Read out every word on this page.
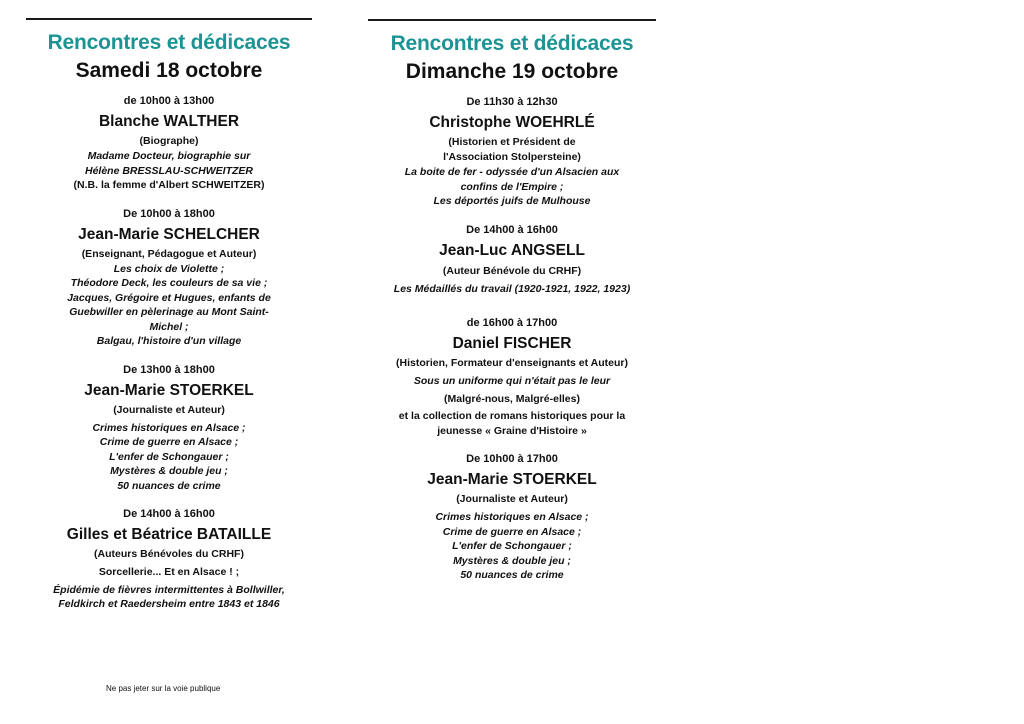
Rencontres et dédicaces
Samedi 18 octobre
de 10h00 à 13h00
Blanche WALTHER
(Biographe)
Madame Docteur, biographie sur
Hélène BRESSLAU-SCHWEITZER
(N.B. la femme d'Albert SCHWEITZER)
De 10h00 à 18h00
Jean-Marie SCHELCHER
(Enseignant, Pédagogue et Auteur)
Les choix de Violette ;
Théodore Deck, les couleurs de sa vie ;
Jacques, Grégoire et Hugues, enfants de
Guebwiller en pèlerinage au Mont Saint-
Michel ;
Balgau, l'histoire d'un village
De 13h00 à 18h00
Jean-Marie STOERKEL
(Journaliste et Auteur)
Crimes historiques en Alsace ;
Crime de guerre en Alsace ;
L'enfer de Schongauer ;
Mystères & double jeu ;
50 nuances de crime
De 14h00 à 16h00
Gilles et Béatrice BATAILLE
(Auteurs Bénévoles du CRHF)
Sorcellerie... Et en Alsace ! ;
Épidémie de fièvres intermittentes à Bollwiller,
Feldkirch et Raedersheim entre 1843 et 1846
Rencontres et dédicaces
Dimanche 19 octobre
De 11h30 à 12h30
Christophe WOEHRLÉ
(Historien et Président de
l'Association Stolpersteine)
La boite de fer - odyssée d'un Alsacien aux
confins de l'Empire ;
Les déportés juifs de Mulhouse
De 14h00 à 16h00
Jean-Luc ANGSELL
(Auteur Bénévole du CRHF)
Les Médaillés du travail (1920-1921, 1922, 1923)
de 16h00 à 17h00
Daniel FISCHER
(Historien, Formateur d'enseignants et Auteur)
Sous un uniforme qui n'était pas le leur
(Malgré-nous, Malgré-elles)
et la collection de romans historiques pour la
jeunesse « Graine d'Histoire »
De 10h00 à 17h00
Jean-Marie STOERKEL
(Journaliste et Auteur)
Crimes historiques en Alsace ;
Crime de guerre en Alsace ;
L'enfer de Schongauer ;
Mystères & double jeu ;
50 nuances de crime
Ne pas jeter sur la voie publique
